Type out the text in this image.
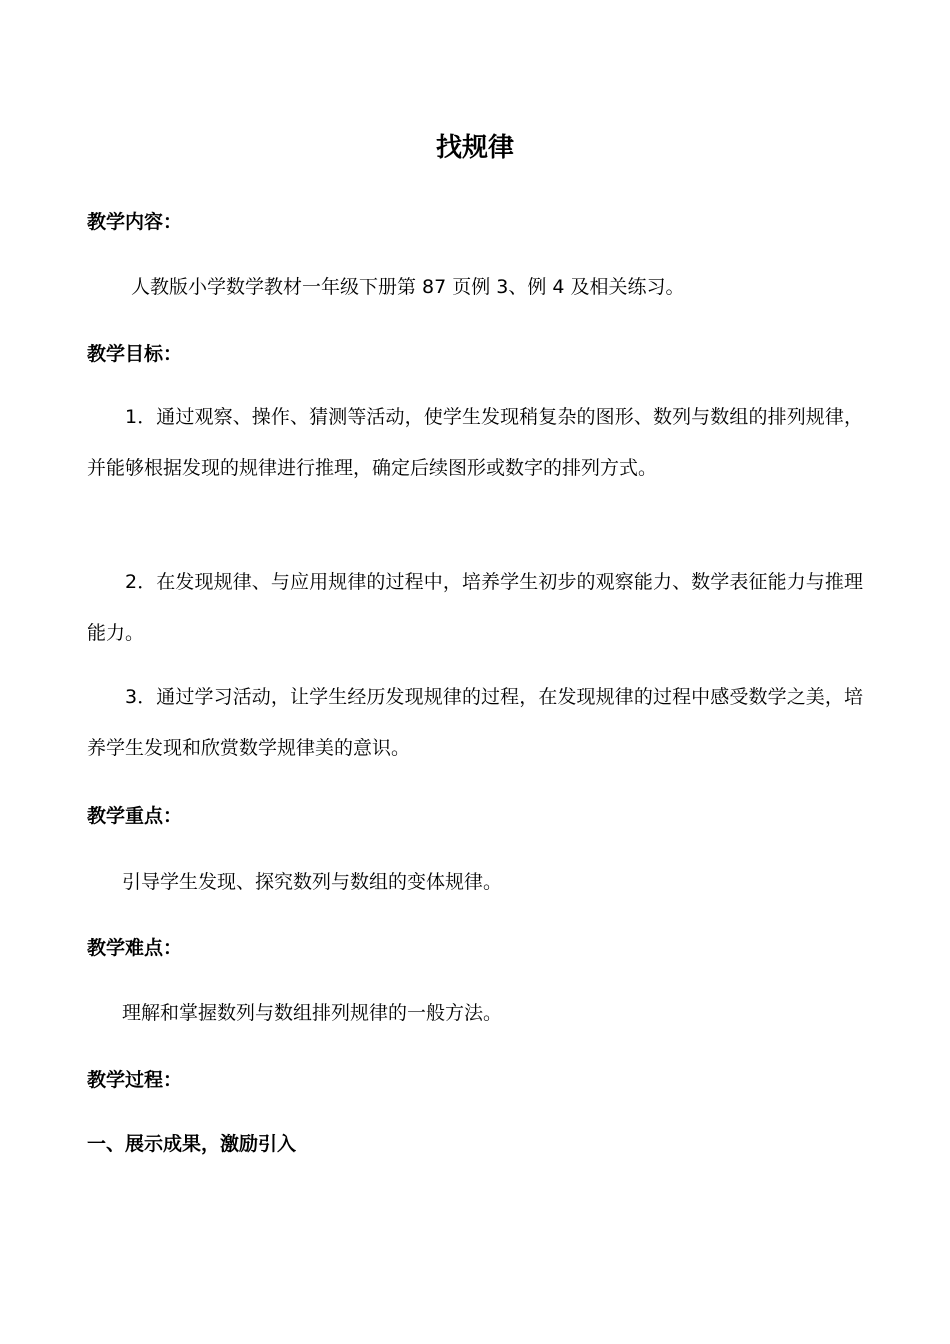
找规律
教学内容：
人教版小学数学教材一年级下册第 87 页例 3、例 4 及相关练习。
教学目标：
1．通过观察、操作、猜测等活动，使学生发现稍复杂的图形、数列与数组的排列规律，并能够根据发现的规律进行推理，确定后续图形或数字的排列方式。
2．在发现规律、与应用规律的过程中，培养学生初步的观察能力、数学表征能力与推理能力。
3．通过学习活动，让学生经历发现规律的过程，在发现规律的过程中感受数学之美，培养学生发现和欣赏数学规律美的意识。
教学重点：
引导学生发现、探究数列与数组的变体规律。
教学难点：
理解和掌握数列与数组排列规律的一般方法。
教学过程：
一、展示成果，激励引入
